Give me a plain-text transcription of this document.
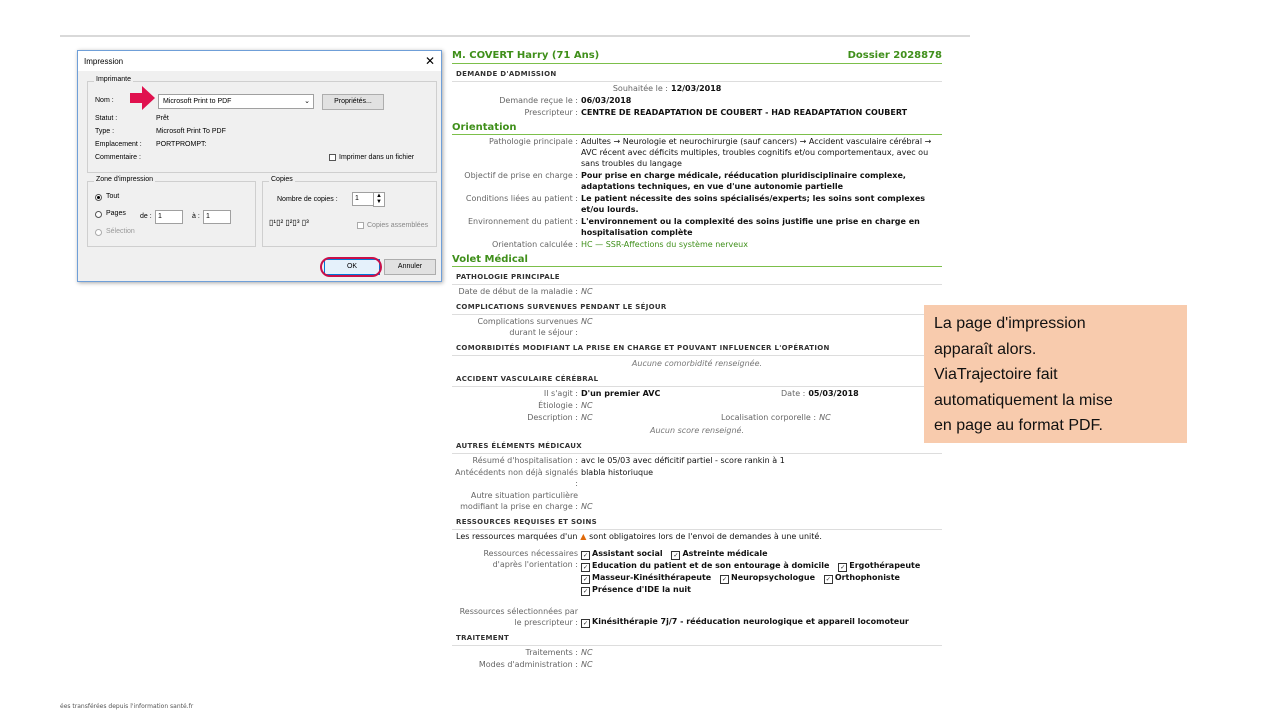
M. COVERT Harry (71 Ans)	Dossier 2028878
DEMANDE D'ADMISSION
Souhaitée le : 12/03/2018
Demande reçue le : 06/03/2018
Prescripteur : CENTRE DE READAPTATION DE COUBERT - HAD READAPTATION COUBERT
Orientation
Pathologie principale : Adultes → Neurologie et neurochirurgie (sauf cancers) → Accident vasculaire cérébral → AVC récent avec déficits multiples, troubles cognitifs et/ou comportementaux, avec ou sans troubles du langage
Objectif de prise en charge : Pour prise en charge médicale, rééducation pluridisciplinaire complexe, adaptations techniques, en vue d'une autonomie partielle
Conditions liées au patient : Le patient nécessite des soins spécialisés/experts; les soins sont complexes et/ou lourds.
Environnement du patient : L'environnement ou la complexité des soins justifie une prise en charge en hospitalisation complète
Orientation calculée : HC — SSR-Affections du système nerveux
Volet Médical
PATHOLOGIE PRINCIPALE
Date de début de la maladie : NC
COMPLICATIONS SURVENUES PENDANT LE SÉJOUR
Complications survenues durant le séjour :
NC
COMORBIDITÉS MODIFIANT LA PRISE EN CHARGE ET POUVANT INFLUENCER L'OPÉRATION
Aucune comorbidité renseignée.
ACCIDENT VASCULAIRE CÉRÉBRAL
Il s'agit : D'un premier AVC	Date : 05/03/2018
Étiologie : NC
Description : NC	Localisation corporelle : NC
Aucun score renseigné.
AUTRES ÉLÉMENTS MÉDICAUX
Résumé d'hospitalisation : avc le 05/03 avec déficitif partiel - score rankin à 1
Antécédents non déjà signalés :
blabla historiuque
Autre situation particulière modifiant la prise en charge : NC
RESSOURCES REQUISES ET SOINS
Les ressources marquées d'un ▲ sont obligatoires lors de l'envoi de demandes à une unité.
Ressources nécessaires d'après l'orientation :
✓ Assistant social ✓ Astreinte médicale ✓ Education du patient et de son entourage à domicile ✓ Ergothérapeute ✓ Masseur-Kinésithérapeute ✓ Neuropsychologue ✓ Orthophoniste ✓ Présence d'IDE la nuit
Ressources sélectionnées par le prescripteur : ✓ Kinésithérapie 7j/7 - rééducation neurologique et appareil locomoteur
TRAITEMENT
Traitements : NC
Modes d'administration : NC
Impression	✕
Imprimante
Nom :	Microsoft Print to PDF	⌄	Propriétés...
Statut :	Prêt
Type :	Microsoft Print To PDF
Emplacement : PORTPROMPT:
Commentaire :	Imprimer dans un fichier
Zone d'impression
Tout
Pages de : 1	à : 1
Sélection
Copies
Nombre de copies :	1	▲
▼
▯¹▯² ▯²▯³ ▯³	Copies assemblées
OK	Annuler
La page d'impression
apparaît alors.
ViaTrajectoire fait
automatiquement la mise
en page au format PDF.
ées transférées depuis l'information santé.fr
